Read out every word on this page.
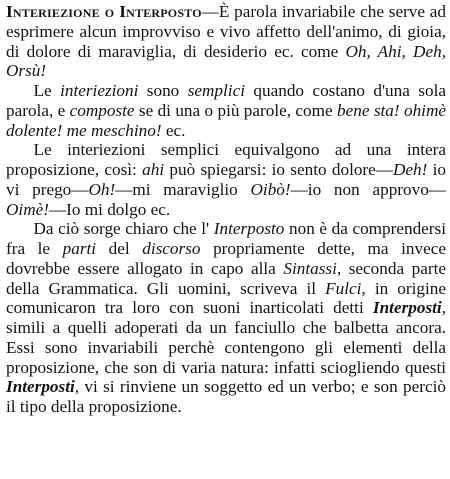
Interiezione o Interposto—È parola invariabile che serve ad esprimere alcun improvviso e vivo affetto dell'animo, di gioia, di dolore di maraviglia, di desiderio ec. come Oh, Ahi, Deh, Orsù!

Le interiezioni sono semplici quando costano d'una sola parola, e composte se di una o più parole, come bene sta! ohimè dolente! me meschino! ec.

Le interiezioni semplici equivalgono ad una intera proposizione, così: ahi può spiegarsi: io sento dolore—Deh! io vi prego—Oh!—mi maraviglio Oibò!—io non approvo—Oimè!—Io mi dolgo ec.

Da ciò sorge chiaro che l' Interposto non è da comprendersi fra le parti del discorso propriamente dette, ma invece dovrebbe essere allogato in capo alla Sintassi, seconda parte della Grammatica. Gli uomini, scriveva il Fulci, in origine comunicaron tra loro con suoni inarticolati detti Interposti, simili a quelli adoperati da un fanciullo che balbetta ancora. Essi sono invariabili perchè contengono gli elementi della proposizione, che son di varia natura: infatti sciogliendo questi Interposti, vi si rinviene un soggetto ed un verbo; e son perciò il tipo della proposizione.
